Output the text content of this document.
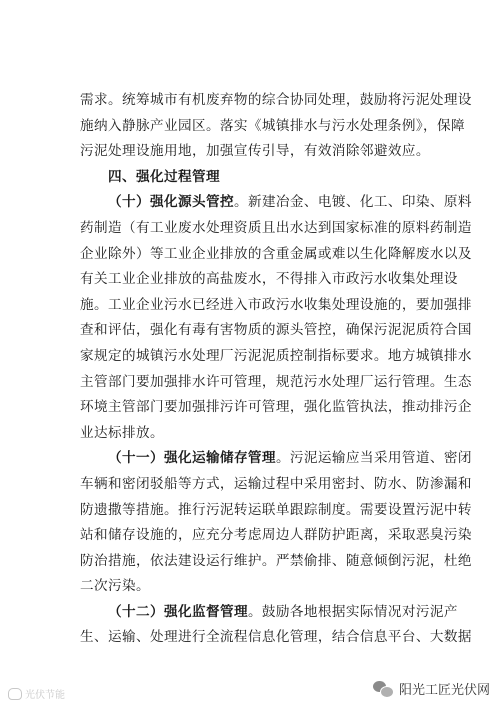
需求。统筹城市有机废弃物的综合协同处理，鼓励将污泥处理设
施纳入静脉产业园区。落实《城镇排水与污水处理条例》，保障
污泥处理设施用地，加强宣传引导，有效消除邻避效应。
四、强化过程管理
（十）强化源头管控。新建冶金、电镀、化工、印染、原料
药制造（有工业废水处理资质且出水达到国家标准的原料药制造
企业除外）等工业企业排放的含重金属或难以生化降解废水以及
有关工业企业排放的高盐废水，不得排入市政污水收集处理设
施。工业企业污水已经进入市政污水收集处理设施的，要加强排
查和评估，强化有毒有害物质的源头管控，确保污泥泥质符合国
家规定的城镇污水处理厂污泥泥质控制指标要求。地方城镇排水
主管部门要加强排水许可管理，规范污水处理厂运行管理。生态
环境主管部门要加强排污许可管理，强化监管执法，推动排污企
业达标排放。
（十一）强化运输储存管理。污泥运输应当采用管道、密闭
车辆和密闭驳船等方式，运输过程中采用密封、防水、防渗漏和
防遗撒等措施。推行污泥转运联单跟踪制度。需要设置污泥中转
站和储存设施的，应充分考虑周边人群防护距离，采取恶臭污染
防治措施，依法建设运行维护。严禁偷排、随意倾倒污泥，杜绝
二次污染。
（十二）强化监督管理。鼓励各地根据实际情况对污泥产
生、运输、处理进行全流程信息化管理，结合信息平台、大数据
光伏节能	阳光工匠光伏网
